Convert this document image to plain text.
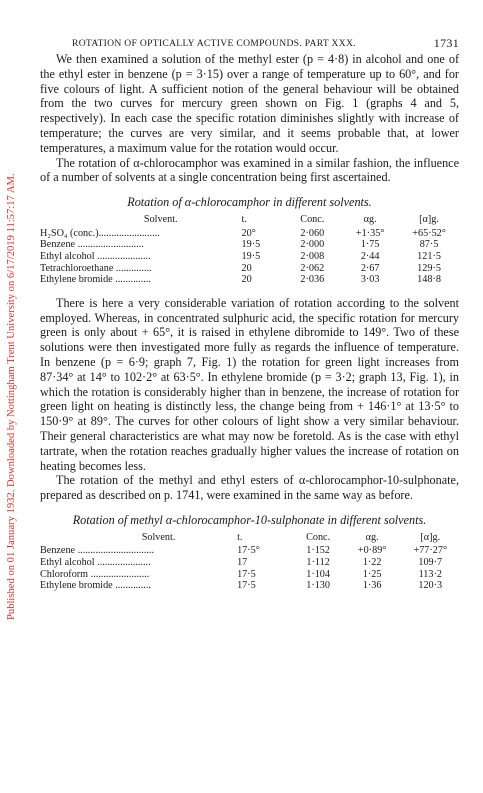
Published on 01 January 1932. Downloaded by Nottingham Trent University on 6/17/2019 11:57:17 AM.
ROTATION OF OPTICALLY ACTIVE COMPOUNDS. PART XXX.	1731

We then examined a solution of the methyl ester (p = 4·8) in alcohol and one of the ethyl ester in benzene (p = 3·15) over a range of temperature up to 60°, and for five colours of light. A sufficient notion of the general behaviour will be obtained from the two curves for mercury green shown on Fig. 1 (graphs 4 and 5, respectively). In each case the specific rotation diminishes slightly with increase of temperature; the curves are very similar, and it seems probable that, at lower temperatures, a maximum value for the rotation would occur.

The rotation of α-chlorocamphor was examined in a similar fashion, the influence of a number of solvents at a single concentration being first ascertained.

Rotation of α-chlorocamphor in different solvents.
Solvent.	t.	Conc.	αg.	[α]g.
H₂SO₄ (conc.)........................	20°	2·060	+1·35°	+65·52°
Benzene ..........................	19·5	2·000	1·75	87·5
Ethyl alcohol .....................	19·5	2·008	2·44	121·5
Tetrachloroethane ..............	20	2·062	2·67	129·5
Ethylene bromide ..............	20	2·036	3·03	148·8

There is here a very considerable variation of rotation according to the solvent employed. Whereas, in concentrated sulphuric acid, the specific rotation for mercury green is only about + 65°, it is raised in ethylene dibromide to 149°. Two of these solutions were then investigated more fully as regards the influence of temperature. In benzene (p = 6·9; graph 7, Fig. 1) the rotation for green light increases from 87·34° at 14° to 102·2° at 63·5°. In ethylene bromide (p = 3·2; graph 13, Fig. 1), in which the rotation is considerably higher than in benzene, the increase of rotation for green light on heating is distinctly less, the change being from + 146·1° at 13·5° to 150·9° at 89°. The curves for other colours of light show a very similar behaviour. Their general characteristics are what may now be foretold. As is the case with ethyl tartrate, when the rotation reaches gradually higher values the increase of rotation on heating becomes less.

The rotation of the methyl and ethyl esters of α-chlorocamphor-10-sulphonate, prepared as described on p. 1741, were examined in the same way as before.

Rotation of methyl α-chlorocamphor-10-sulphonate in different solvents.
Solvent.	t.	Conc.	αg.	[α]g.
Benzene ..............................	17·5°	1·152	+0·89°	+77·27°
Ethyl alcohol .....................	17	1·112	1·22	109·7
Chloroform .......................	17·5	1·104	1·25	113·2
Ethylene bromide ..............	17·5	1·130	1·36	120·3
